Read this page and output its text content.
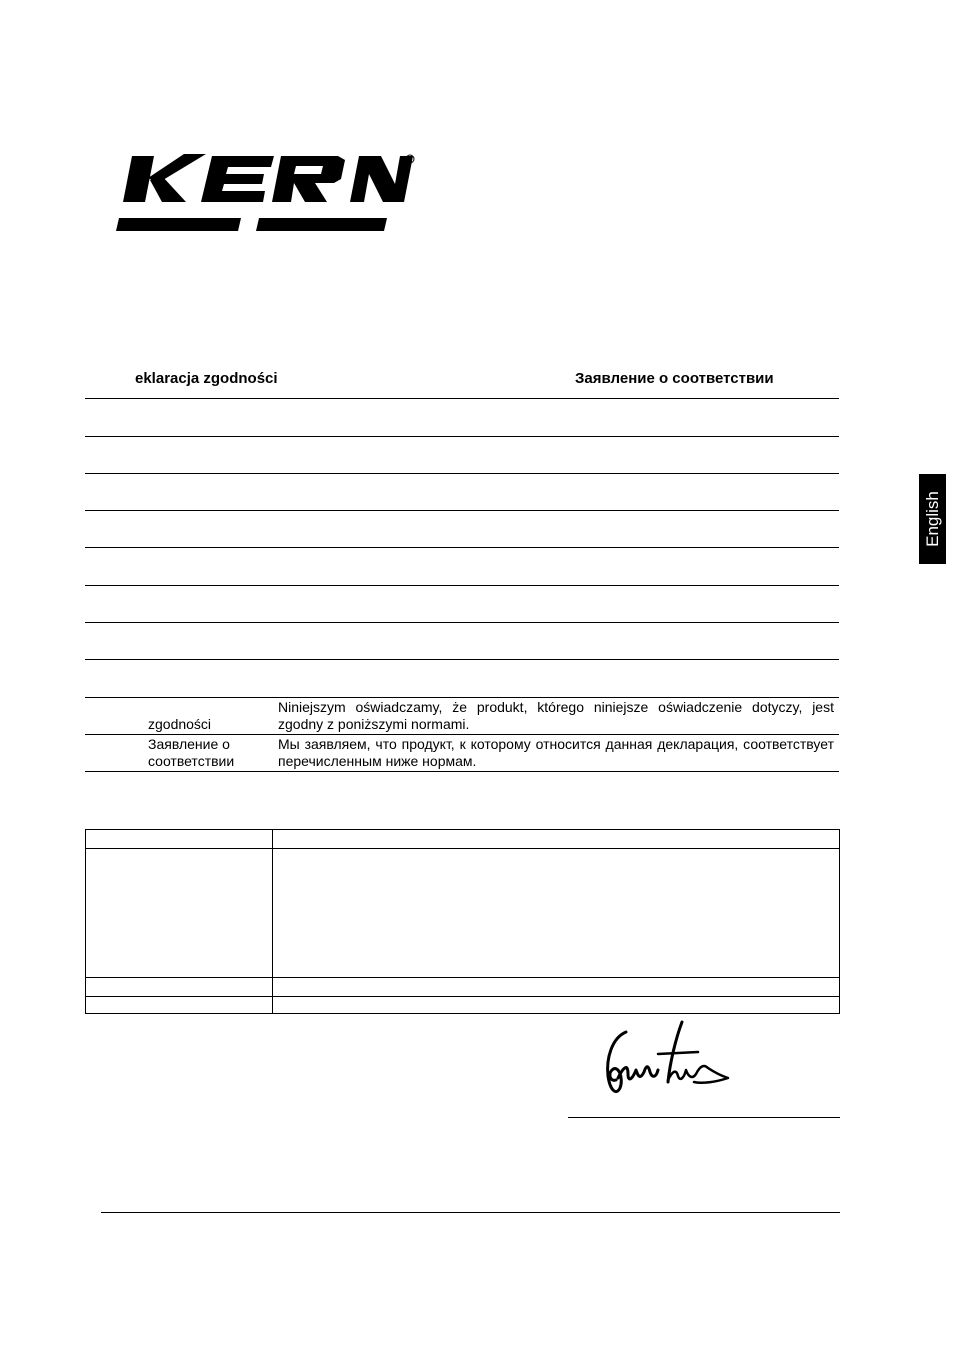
R
English
eklaracja zgodności	Заявление о соответствии

zgodności
Niniejszym oświadczamy, że produkt, którego niniejsze oświadczenie dotyczy, jest zgodny z poniższymi normami.
Заявление о
соответствии
Мы заявляем, что продукт, к которому относится данная декларация, соответствует перечисленным ниже нормам.
